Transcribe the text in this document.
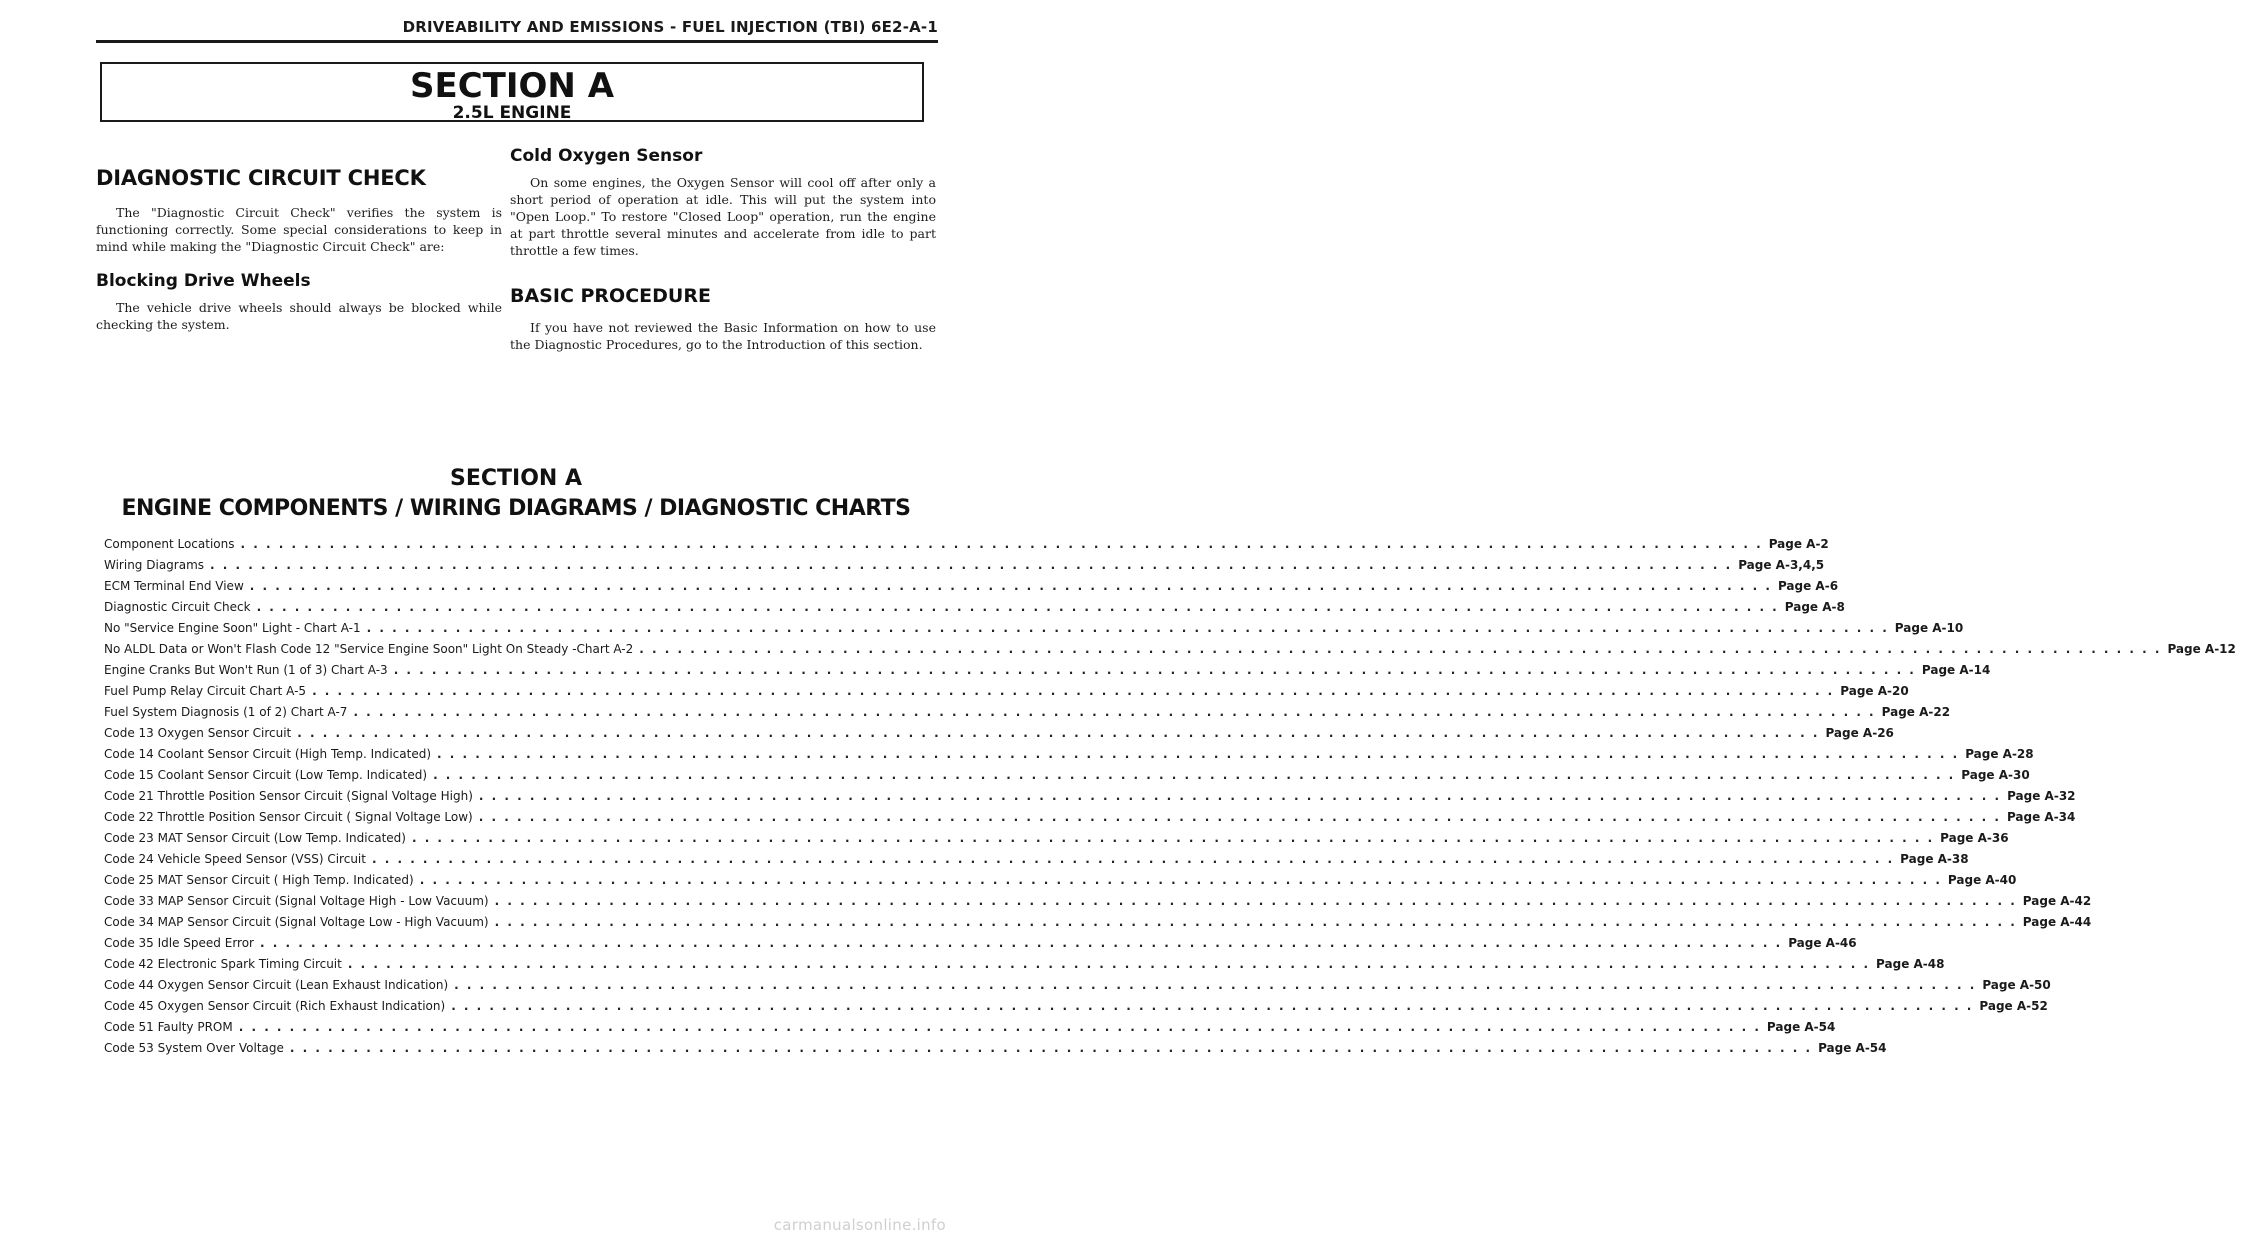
DRIVEABILITY AND EMISSIONS - FUEL INJECTION (TBI) 6E2-A-1
SECTION A
2.5L ENGINE
DIAGNOSTIC CIRCUIT CHECK

The "Diagnostic Circuit Check" verifies the system is functioning correctly. Some special considerations to keep in mind while making the "Diagnostic Circuit Check" are:

Blocking Drive Wheels

The vehicle drive wheels should always be blocked while checking the system.

Cold Oxygen Sensor

On some engines, the Oxygen Sensor will cool off after only a short period of operation at idle. This will put the system into "Open Loop." To restore "Closed Loop" operation, run the engine at part throttle several minutes and accelerate from idle to part throttle a few times.

BASIC PROCEDURE

If you have not reviewed the Basic Information on how to use the Diagnostic Procedures, go to the Introduction of this section.

SECTION A
ENGINE COMPONENTS / WIRING DIAGRAMS / DIAGNOSTIC CHARTS
Component Locations . . . . . . . . . . . . . . . . . . . . . . . . . . . . . . . . . . . . . . . . . . . . . . . . . . . . . . . . . . . . . . . . . . . . . . . . . . . . . . . . . . . . . . . . . . . . . . . . . . . . . . . . . . . . . . . . . . . . . . . . Page A-2
Wiring Diagrams . . . . . . . . . . . . . . . . . . . . . . . . . . . . . . . . . . . . . . . . . . . . . . . . . . . . . . . . . . . . . . . . . . . . . . . . . . . . . . . . . . . . . . . . . . . . . . . . . . . . . . . . . . . . . . . . . . . . . . . . Page A-3,4,5
ECM Terminal End View . . . . . . . . . . . . . . . . . . . . . . . . . . . . . . . . . . . . . . . . . . . . . . . . . . . . . . . . . . . . . . . . . . . . . . . . . . . . . . . . . . . . . . . . . . . . . . . . . . . . . . . . . . . . . . . . . . . . . . . . Page A-6
Diagnostic Circuit Check . . . . . . . . . . . . . . . . . . . . . . . . . . . . . . . . . . . . . . . . . . . . . . . . . . . . . . . . . . . . . . . . . . . . . . . . . . . . . . . . . . . . . . . . . . . . . . . . . . . . . . . . . . . . . . . . . . . . . . . . Page A-8
No "Service Engine Soon" Light - Chart A-1 . . . . . . . . . . . . . . . . . . . . . . . . . . . . . . . . . . . . . . . . . . . . . . . . . . . . . . . . . . . . . . . . . . . . . . . . . . . . . . . . . . . . . . . . . . . . . . . . . . . . . . . . . . . . . . . . . . . . . . . . Page A-10
No ALDL Data or Won't Flash Code 12 "Service Engine Soon" Light On Steady -Chart A-2 . . . . . . . . . . . . . . . . . . . . . . . . . . . . . . . . . . . . . . . . . . . . . . . . . . . . . . . . . . . . . . . . . . . . . . . . . . . . . . . . . . . . . . . . . . . . . . . . . . . . . . . . . . . . . . . . . . . . . . . . Page A-12
Engine Cranks But Won't Run (1 of 3) Chart A-3 . . . . . . . . . . . . . . . . . . . . . . . . . . . . . . . . . . . . . . . . . . . . . . . . . . . . . . . . . . . . . . . . . . . . . . . . . . . . . . . . . . . . . . . . . . . . . . . . . . . . . . . . . . . . . . . . . . . . . . . . Page A-14
Fuel Pump Relay Circuit Chart A-5 . . . . . . . . . . . . . . . . . . . . . . . . . . . . . . . . . . . . . . . . . . . . . . . . . . . . . . . . . . . . . . . . . . . . . . . . . . . . . . . . . . . . . . . . . . . . . . . . . . . . . . . . . . . . . . . . . . . . . . . . Page A-20
Fuel System Diagnosis (1 of 2) Chart A-7 . . . . . . . . . . . . . . . . . . . . . . . . . . . . . . . . . . . . . . . . . . . . . . . . . . . . . . . . . . . . . . . . . . . . . . . . . . . . . . . . . . . . . . . . . . . . . . . . . . . . . . . . . . . . . . . . . . . . . . . . Page A-22
Code 13 Oxygen Sensor Circuit . . . . . . . . . . . . . . . . . . . . . . . . . . . . . . . . . . . . . . . . . . . . . . . . . . . . . . . . . . . . . . . . . . . . . . . . . . . . . . . . . . . . . . . . . . . . . . . . . . . . . . . . . . . . . . . . . . . . . . . . Page A-26
Code 14 Coolant Sensor Circuit (High Temp. Indicated) . . . . . . . . . . . . . . . . . . . . . . . . . . . . . . . . . . . . . . . . . . . . . . . . . . . . . . . . . . . . . . . . . . . . . . . . . . . . . . . . . . . . . . . . . . . . . . . . . . . . . . . . . . . . . . . . . . . . . . . . Page A-28
Code 15 Coolant Sensor Circuit (Low Temp. Indicated) . . . . . . . . . . . . . . . . . . . . . . . . . . . . . . . . . . . . . . . . . . . . . . . . . . . . . . . . . . . . . . . . . . . . . . . . . . . . . . . . . . . . . . . . . . . . . . . . . . . . . . . . . . . . . . . . . . . . . . . . Page A-30
Code 21 Throttle Position Sensor Circuit (Signal Voltage High) . . . . . . . . . . . . . . . . . . . . . . . . . . . . . . . . . . . . . . . . . . . . . . . . . . . . . . . . . . . . . . . . . . . . . . . . . . . . . . . . . . . . . . . . . . . . . . . . . . . . . . . . . . . . . . . . . . . . . . . . Page A-32
Code 22 Throttle Position Sensor Circuit ( Signal Voltage Low) . . . . . . . . . . . . . . . . . . . . . . . . . . . . . . . . . . . . . . . . . . . . . . . . . . . . . . . . . . . . . . . . . . . . . . . . . . . . . . . . . . . . . . . . . . . . . . . . . . . . . . . . . . . . . . . . . . . . . . . . Page A-34
Code 23 MAT Sensor Circuit (Low Temp. Indicated) . . . . . . . . . . . . . . . . . . . . . . . . . . . . . . . . . . . . . . . . . . . . . . . . . . . . . . . . . . . . . . . . . . . . . . . . . . . . . . . . . . . . . . . . . . . . . . . . . . . . . . . . . . . . . . . . . . . . . . . . Page A-36
Code 24 Vehicle Speed Sensor (VSS) Circuit . . . . . . . . . . . . . . . . . . . . . . . . . . . . . . . . . . . . . . . . . . . . . . . . . . . . . . . . . . . . . . . . . . . . . . . . . . . . . . . . . . . . . . . . . . . . . . . . . . . . . . . . . . . . . . . . . . . . . . . . Page A-38
Code 25 MAT Sensor Circuit ( High Temp. Indicated) . . . . . . . . . . . . . . . . . . . . . . . . . . . . . . . . . . . . . . . . . . . . . . . . . . . . . . . . . . . . . . . . . . . . . . . . . . . . . . . . . . . . . . . . . . . . . . . . . . . . . . . . . . . . . . . . . . . . . . . . Page A-40
Code 33 MAP Sensor Circuit (Signal Voltage High - Low Vacuum) . . . . . . . . . . . . . . . . . . . . . . . . . . . . . . . . . . . . . . . . . . . . . . . . . . . . . . . . . . . . . . . . . . . . . . . . . . . . . . . . . . . . . . . . . . . . . . . . . . . . . . . . . . . . . . . . . . . . . . . . Page A-42
Code 34 MAP Sensor Circuit (Signal Voltage Low - High Vacuum) . . . . . . . . . . . . . . . . . . . . . . . . . . . . . . . . . . . . . . . . . . . . . . . . . . . . . . . . . . . . . . . . . . . . . . . . . . . . . . . . . . . . . . . . . . . . . . . . . . . . . . . . . . . . . . . . . . . . . . . . Page A-44
Code 35 Idle Speed Error . . . . . . . . . . . . . . . . . . . . . . . . . . . . . . . . . . . . . . . . . . . . . . . . . . . . . . . . . . . . . . . . . . . . . . . . . . . . . . . . . . . . . . . . . . . . . . . . . . . . . . . . . . . . . . . . . . . . . . . . Page A-46
Code 42 Electronic Spark Timing Circuit . . . . . . . . . . . . . . . . . . . . . . . . . . . . . . . . . . . . . . . . . . . . . . . . . . . . . . . . . . . . . . . . . . . . . . . . . . . . . . . . . . . . . . . . . . . . . . . . . . . . . . . . . . . . . . . . . . . . . . . . Page A-48
Code 44 Oxygen Sensor Circuit (Lean Exhaust Indication) . . . . . . . . . . . . . . . . . . . . . . . . . . . . . . . . . . . . . . . . . . . . . . . . . . . . . . . . . . . . . . . . . . . . . . . . . . . . . . . . . . . . . . . . . . . . . . . . . . . . . . . . . . . . . . . . . . . . . . . . Page A-50
Code 45 Oxygen Sensor Circuit (Rich Exhaust Indication) . . . . . . . . . . . . . . . . . . . . . . . . . . . . . . . . . . . . . . . . . . . . . . . . . . . . . . . . . . . . . . . . . . . . . . . . . . . . . . . . . . . . . . . . . . . . . . . . . . . . . . . . . . . . . . . . . . . . . . . . Page A-52
Code 51 Faulty PROM . . . . . . . . . . . . . . . . . . . . . . . . . . . . . . . . . . . . . . . . . . . . . . . . . . . . . . . . . . . . . . . . . . . . . . . . . . . . . . . . . . . . . . . . . . . . . . . . . . . . . . . . . . . . . . . . . . . . . . . . Page A-54
Code 53 System Over Voltage . . . . . . . . . . . . . . . . . . . . . . . . . . . . . . . . . . . . . . . . . . . . . . . . . . . . . . . . . . . . . . . . . . . . . . . . . . . . . . . . . . . . . . . . . . . . . . . . . . . . . . . . . . . . . . . . . . . . . . . . Page A-54
carmanualsonline.info
